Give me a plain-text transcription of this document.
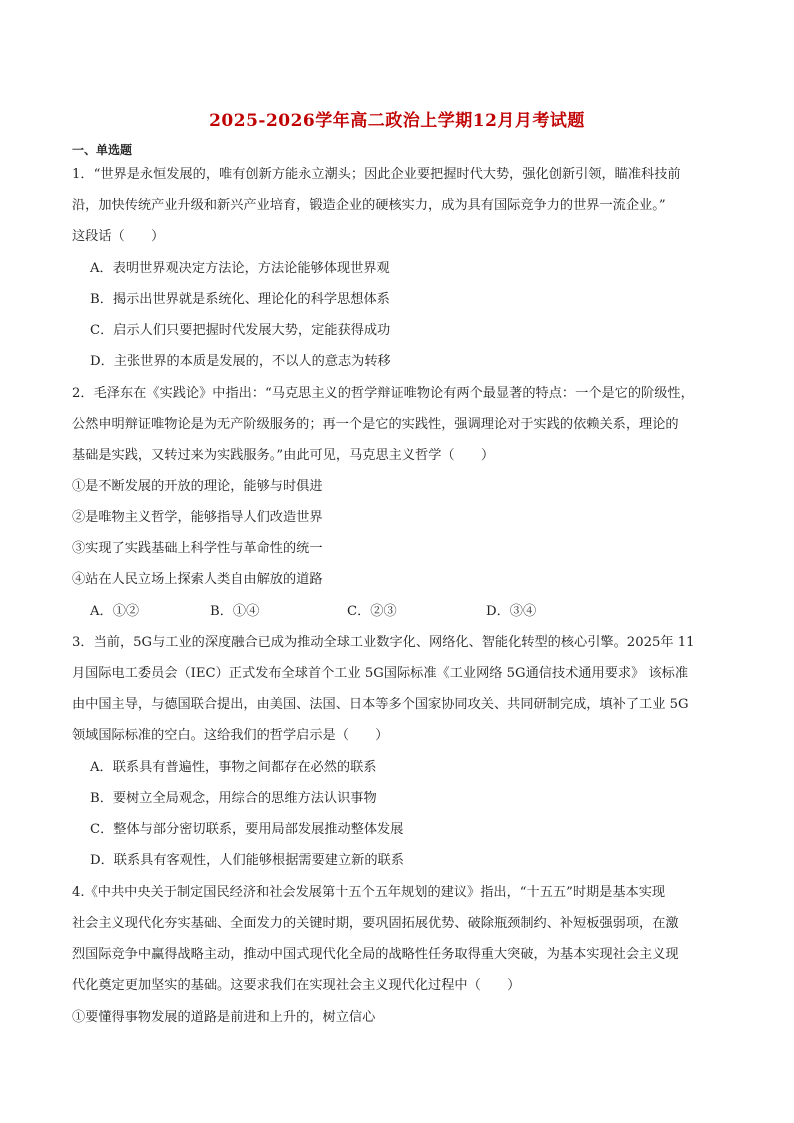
2025-2026学年高二政治上学期12月月考试题
一、单选题
1．“世界是永恒发展的，唯有创新方能永立潮头；因此企业要把握时代大势，强化创新引领，瞄准科技前
沿，加快传统产业升级和新兴产业培育，锻造企业的硬核实力，成为具有国际竞争力的世界一流企业。”
这段话（　　）
A．表明世界观决定方法论，方法论能够体现世界观
B．揭示出世界就是系统化、理论化的科学思想体系
C．启示人们只要把握时代发展大势，定能获得成功
D．主张世界的本质是发展的，不以人的意志为转移
2．毛泽东在《实践论》中指出：“马克思主义的哲学辩证唯物论有两个最显著的特点：一个是它的阶级性，
公然申明辩证唯物论是为无产阶级服务的；再一个是它的实践性，强调理论对于实践的依赖关系，理论的
基础是实践，又转过来为实践服务。”由此可见，马克思主义哲学（　　）
①是不断发展的开放的理论，能够与时俱进
②是唯物主义哲学，能够指导人们改造世界
③实现了实践基础上科学性与革命性的统一
④站在人民立场上探索人类自由解放的道路
A．①②	B．①④	C．②③	D．③④
3．当前，5G与工业的深度融合已成为推动全球工业数字化、网络化、智能化转型的核心引擎。2025年 11
月国际电工委员会（IEC）正式发布全球首个工业 5G国际标准《工业网络 5G通信技术通用要求》 该标准
由中国主导，与德国联合提出，由美国、法国、日本等多个国家协同攻关、共同研制完成，填补了工业 5G
领域国际标准的空白。这给我们的哲学启示是（　　）
A．联系具有普遍性，事物之间都存在必然的联系
B．要树立全局观念，用综合的思维方法认识事物
C．整体与部分密切联系，要用局部发展推动整体发展
D．联系具有客观性，人们能够根据需要建立新的联系
4.《中共中央关于制定国民经济和社会发展第十五个五年规划的建议》指出，“十五五”时期是基本实现
社会主义现代化夯实基础、全面发力的关键时期，要巩固拓展优势、破除瓶颈制约、补短板强弱项，在激
烈国际竞争中赢得战略主动，推动中国式现代化全局的战略性任务取得重大突破，为基本实现社会主义现
代化奠定更加坚实的基础。这要求我们在实现社会主义现代化过程中（　　）
①要懂得事物发展的道路是前进和上升的，树立信心
